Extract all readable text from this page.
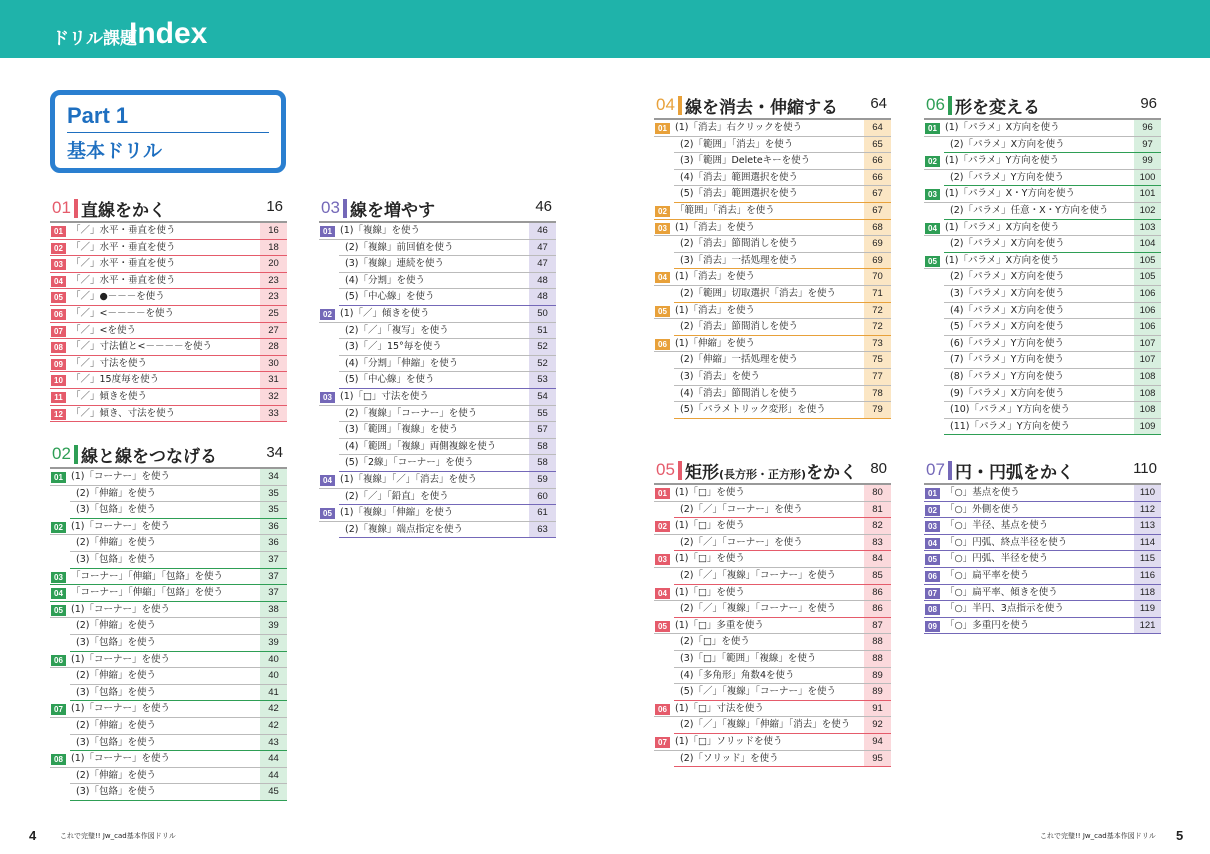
ドリル課題
Index
Part 1
基本ドリル
01 直線をかく	16
01 「／」水平・垂直を使う	16
02 「／」水平・垂直を使う	18
03 「／」水平・垂直を使う	20
04 「／」水平・垂直を使う	23
05 「／」●－－－を使う	23
06 「／」<－－－－を使う	25
07 「／」<を使う	27
08 「／」寸法値と<－－－－を使う	28
09 「／」寸法を使う	30
10 「／」15度毎を使う	31
11 「／」傾きを使う	32
12 「／」傾き、寸法を使う	33
02 線と線をつなげる	34
01 (1)「コーナー」を使う	34
(2)「伸縮」を使う	35
(3)「包絡」を使う	35
02 (1)「コーナー」を使う	36
(2)「伸縮」を使う	36
(3)「包絡」を使う	37
03 「コーナー」「伸縮」「包絡」を使う	37
04 「コーナー」「伸縮」「包絡」を使う	37
05 (1)「コーナー」を使う	38
(2)「伸縮」を使う	39
(3)「包絡」を使う	39
06 (1)「コーナー」を使う	40
(2)「伸縮」を使う	40
(3)「包絡」を使う	41
07 (1)「コーナー」を使う	42
(2)「伸縮」を使う	42
(3)「包絡」を使う	43
08 (1)「コーナー」を使う	44
(2)「伸縮」を使う	44
(3)「包絡」を使う	45
03 線を増やす	46
01 (1)「複線」を使う	46
(2)「複線」前回値を使う	47
(3)「複線」連続を使う	47
(4)「分割」を使う	48
(5)「中心線」を使う	48
02 (1)「／」傾きを使う	50
(2)「／」「複写」を使う	51
(3)「／」15°毎を使う	52
(4)「分割」「伸縮」を使う	52
(5)「中心線」を使う	53
03 (1)「□」寸法を使う	54
(2)「複線」「コーナー」を使う	55
(3)「範囲」「複線」を使う	57
(4)「範囲」「複線」両側複線を使う	58
(5)「2線」「コーナー」を使う	58
04 (1)「複線」「／」「消去」を使う	59
(2)「／」「鉛直」を使う	60
05 (1)「複線」「伸縮」を使う	61
(2)「複線」端点指定を使う	63
04 線を消去・伸縮する 64
01 (1)「消去」右クリックを使う	64
(2)「範囲」「消去」を使う	65
(3)「範囲」Deleteキーを使う	66
(4)「消去」範囲選択を使う	66
(5)「消去」範囲選択を使う	67
02 「範囲」「消去」を使う	67
03 (1)「消去」を使う	68
(2)「消去」節間消しを使う	69
(3)「消去」一括処理を使う	69
04 (1)「消去」を使う	70
(2)「範囲」切取選択「消去」を使う	71
05 (1)「消去」を使う	72
(2)「消去」節間消しを使う	72
06 (1)「伸縮」を使う	73
(2)「伸縮」一括処理を使う	75
(3)「消去」を使う	77
(4)「消去」節間消しを使う	78
(5)「パラメトリック変形」を使う	79
05 矩形(長方形・正方形)をかく 80
01 (1)「□」を使う	80
(2)「／」「コーナー」を使う	81
02 (1)「□」を使う	82
(2)「／」「コーナー」を使う	83
03 (1)「□」を使う	84
(2)「／」「複線」「コーナー」を使う	85
04 (1)「□」を使う	86
(2)「／」「複線」「コーナー」を使う	86
05 (1)「□」多重を使う	87
(2)「□」を使う	88
(3)「□」「範囲」「複線」を使う	88
(4)「多角形」角数4を使う	89
(5)「／」「複線」「コーナー」を使う	89
06 (1)「□」寸法を使う	91
(2)「／」「複線」「伸縮」「消去」を使う	92
07 (1)「□」ソリッドを使う	94
(2)「ソリッド」を使う	95
06 形を変える	96
01 (1)「パラメ」X方向を使う	96
(2)「パラメ」X方向を使う	97
02 (1)「パラメ」Y方向を使う	99
(2)「パラメ」Y方向を使う	100
03 (1)「パラメ」X・Y方向を使う	101
(2)「パラメ」任意・X・Y方向を使う	102
04 (1)「パラメ」X方向を使う	103
(2)「パラメ」X方向を使う	104
05 (1)「パラメ」X方向を使う	105
(2)「パラメ」X方向を使う	105
(3)「パラメ」X方向を使う	106
(4)「パラメ」X方向を使う	106
(5)「パラメ」X方向を使う	106
(6)「パラメ」Y方向を使う	107
(7)「パラメ」Y方向を使う	107
(8)「パラメ」Y方向を使う	108
(9)「パラメ」X方向を使う	108
(10)「パラメ」Y方向を使う	108
(11)「パラメ」Y方向を使う	109
07 円・円弧をかく	110
01 「○」基点を使う	110
02 「○」外側を使う	112
03 「○」半径、基点を使う	113
04 「○」円弧、終点半径を使う	114
05 「○」円弧、半径を使う	115
06 「○」扁平率を使う	116
07 「○」扁平率、傾きを使う	118
08 「○」半円、3点指示を使う	119
09 「○」多重円を使う	121
4	これで完璧!! Jw_cad基本作図ドリル	これで完璧!! Jw_cad基本作図ドリル 5
